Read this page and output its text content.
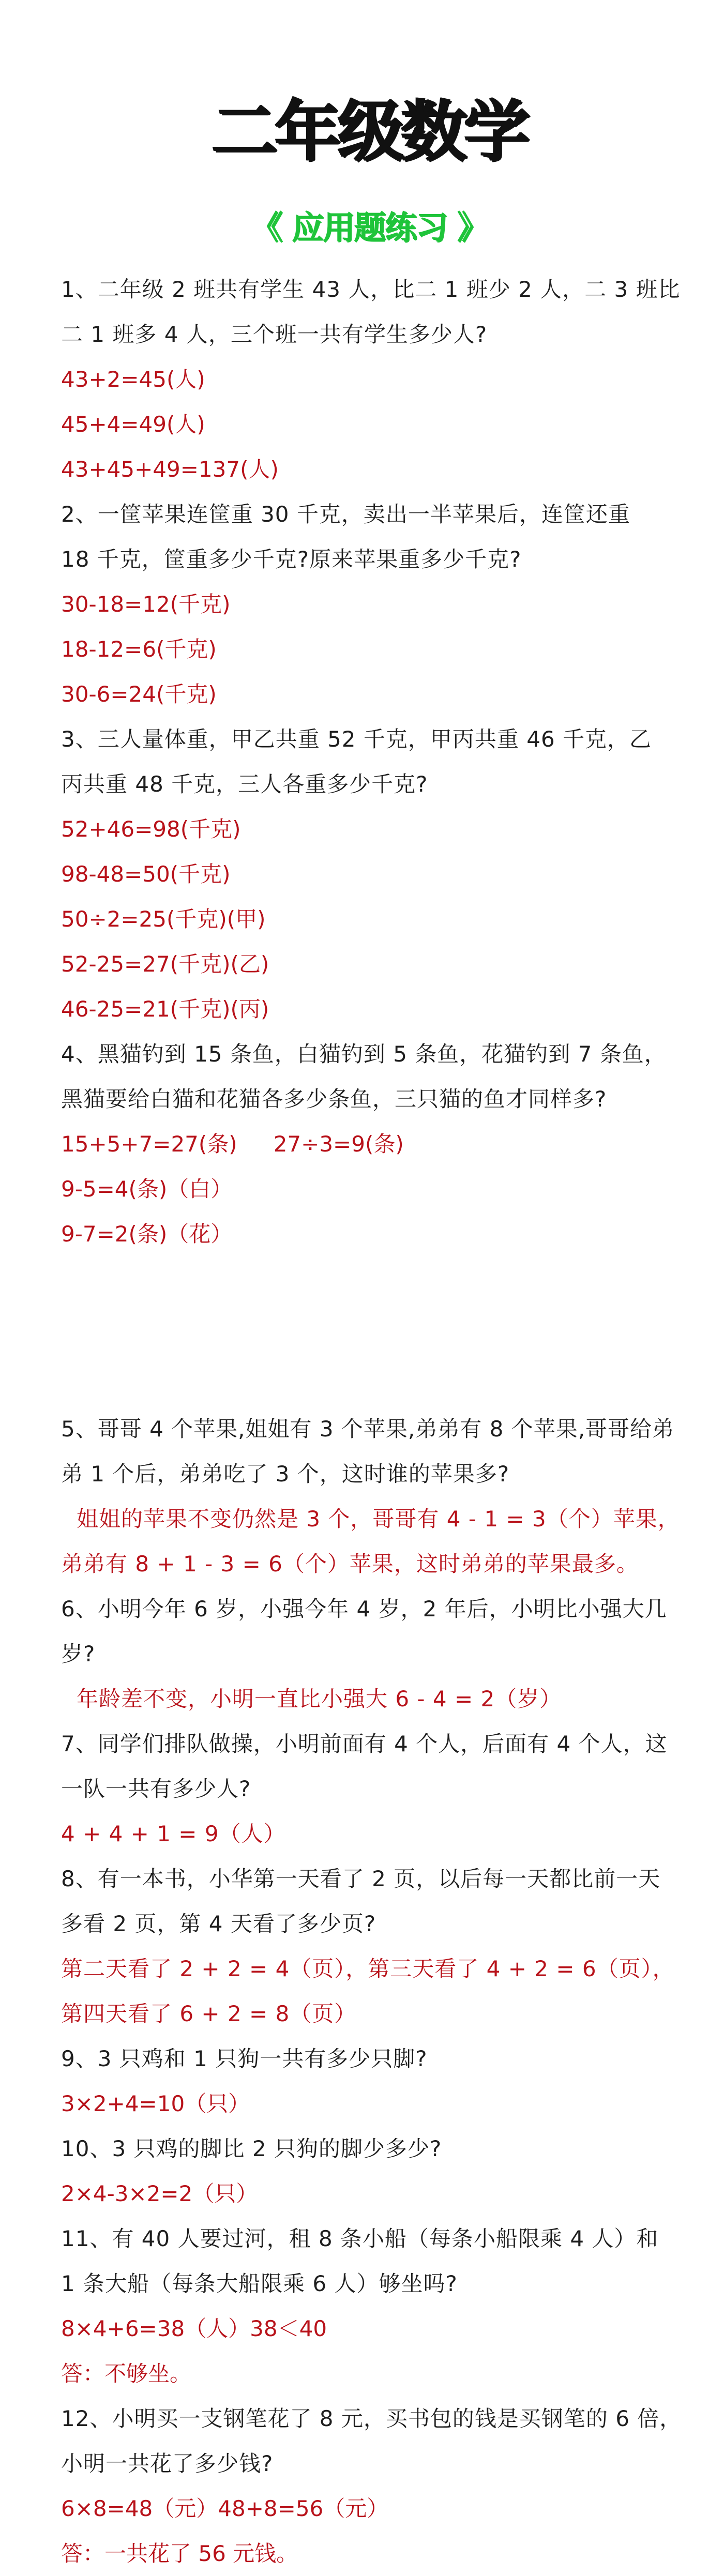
二年级数学
《 应用题练习 》
1、二年级 2 班共有学生 43 人，比二 1 班少 2 人，二 3 班比
二 1 班多 4 人，三个班一共有学生多少人?
43+2=45(人)
45+4=49(人)
43+45+49=137(人)
2、一筐苹果连筐重 30 千克，卖出一半苹果后，连筐还重
18 千克，筐重多少千克?原来苹果重多少千克?
30-18=12(千克)
18-12=6(千克)
30-6=24(千克)
3、三人量体重，甲乙共重 52 千克，甲丙共重 46 千克，乙
丙共重 48 千克，三人各重多少千克?
52+46=98(千克)
98-48=50(千克)
50÷2=25(千克)(甲)
52-25=27(千克)(乙)
46-25=21(千克)(丙)
4、黑猫钓到 15 条鱼，白猫钓到 5 条鱼，花猫钓到 7 条鱼，
黑猫要给白猫和花猫各多少条鱼，三只猫的鱼才同样多?
15+5+7=27(条) 27÷3=9(条)
9-5=4(条)（白）
9-7=2(条)（花）
5、哥哥 4 个苹果,姐姐有 3 个苹果,弟弟有 8 个苹果,哥哥给弟
弟 1 个后，弟弟吃了 3 个，这时谁的苹果多?
姐姐的苹果不变仍然是 3 个，哥哥有 4 - 1 = 3（个）苹果，
弟弟有 8 + 1 - 3 = 6（个）苹果，这时弟弟的苹果最多。
6、小明今年 6 岁，小强今年 4 岁，2 年后，小明比小强大几
岁?
年龄差不变，小明一直比小强大 6 - 4 = 2（岁）
7、同学们排队做操，小明前面有 4 个人，后面有 4 个人，这
一队一共有多少人?
4 + 4 + 1 = 9（人）
8、有一本书，小华第一天看了 2 页，以后每一天都比前一天
多看 2 页，第 4 天看了多少页?
第二天看了 2 + 2 = 4（页），第三天看了 4 + 2 = 6（页），
第四天看了 6 + 2 = 8（页）
9、3 只鸡和 1 只狗一共有多少只脚?
3×2+4=10（只）
10、3 只鸡的脚比 2 只狗的脚少多少?
2×4-3×2=2（只）
11、有 40 人要过河，租 8 条小船（每条小船限乘 4 人）和
1 条大船（每条大船限乘 6 人）够坐吗?
8×4+6=38（人）38＜40
答：不够坐。
12、小明买一支钢笔花了 8 元，买书包的钱是买钢笔的 6 倍，
小明一共花了多少钱?
6×8=48（元）48+8=56（元）
答：一共花了 56 元钱。
